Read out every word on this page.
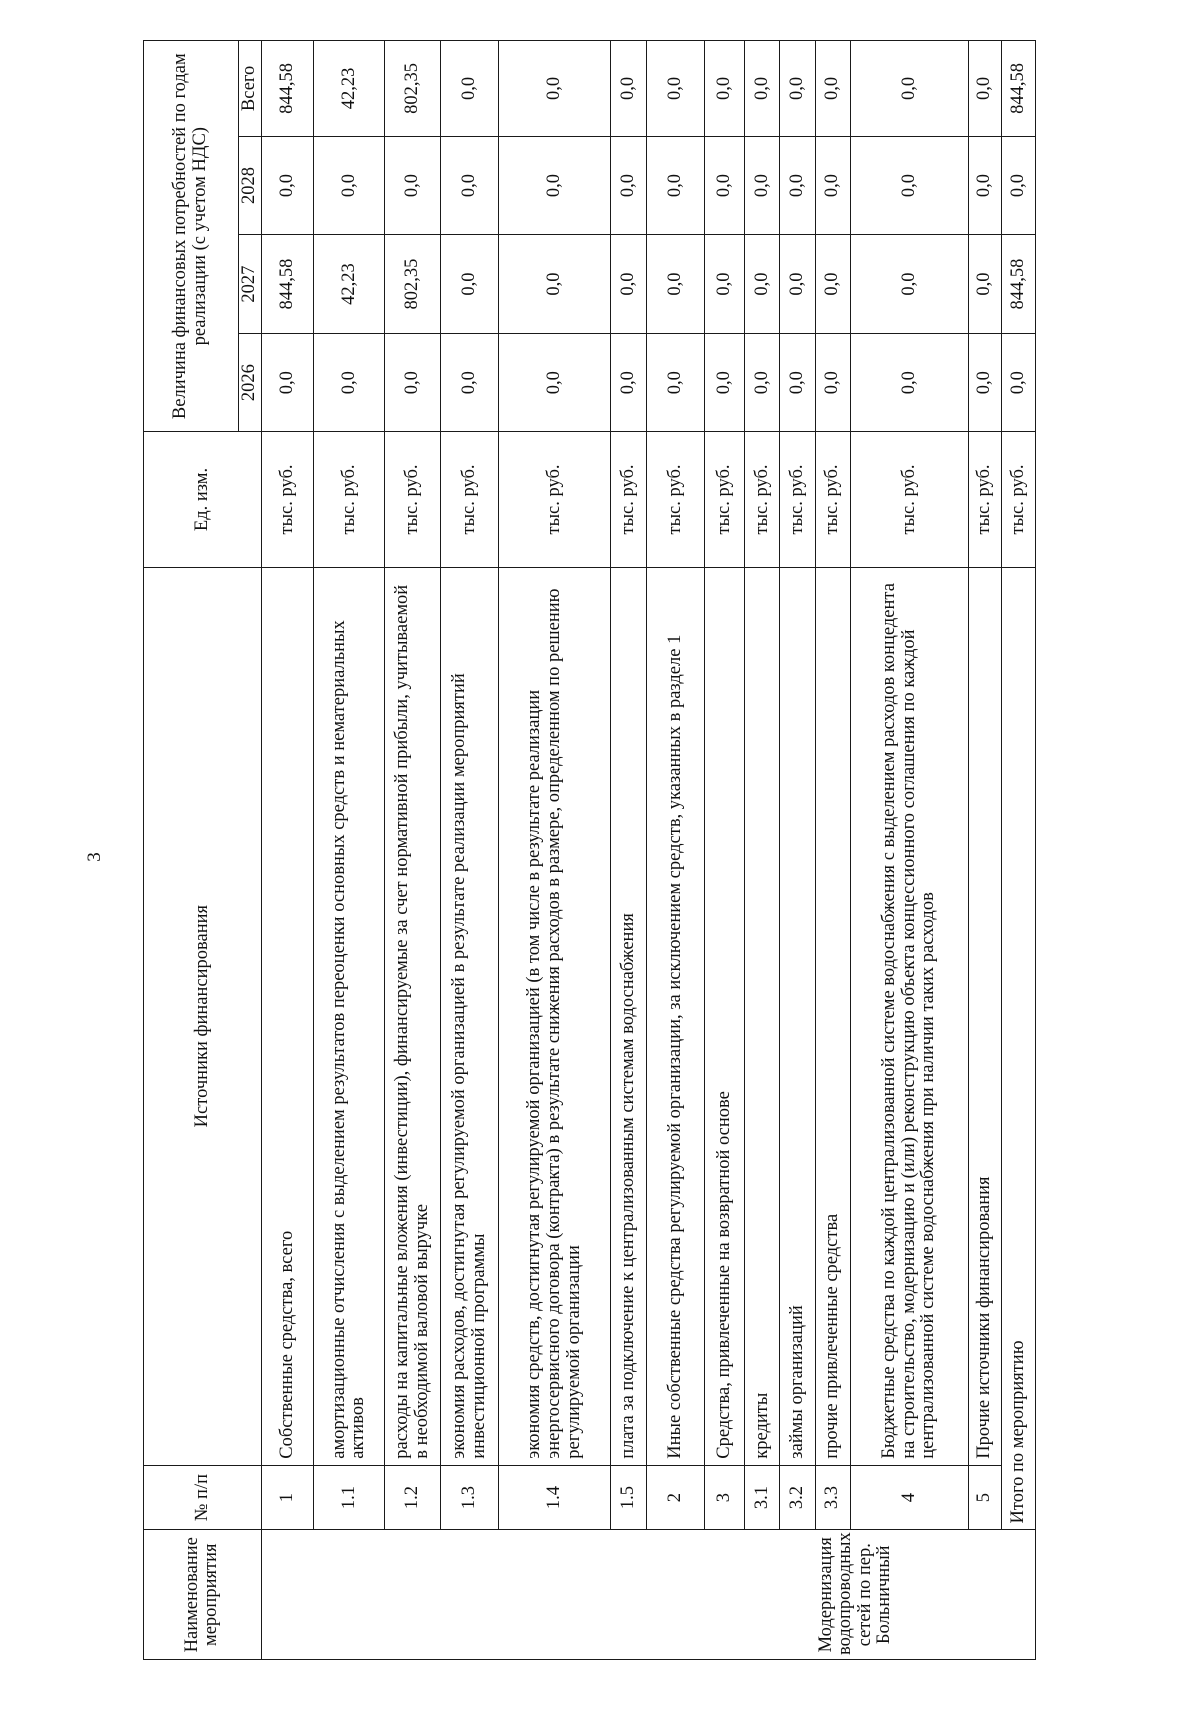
3
Наименование мероприятия	№ п/п	Источники финансирования	Ед. изм.	Величина финансовых потребностей по годам реализации (с учетом НДС)			
				2026	2027	2028	Всего
Модернизация водопроводных сетей по пер. Больничный	1	Собственные средства, всего	тыс. руб.	0,0	844,58	0,0	844,58
	1.1	амортизационные отчисления с выделением результатов переоценки основных средств и нематериальных активов	тыс. руб.	0,0	42,23	0,0	42,23
	1.2	расходы на капитальные вложения (инвестиции), финансируемые за счет нормативной прибыли, учитываемой в необходимой валовой выручке	тыс. руб.	0,0	802,35	0,0	802,35
	1.3	экономия расходов, достигнутая регулируемой организацией в результате реализации мероприятий инвестиционной программы	тыс. руб.	0,0	0,0	0,0	0,0
	1.4	экономия средств, достигнутая регулируемой организацией (в том числе в результате реализации энергосервисного договора (контракта) в результате снижения расходов в размере, определенном по решению регулируемой организации	тыс. руб.	0,0	0,0	0,0	0,0
	1.5	плата за подключение к централизованным системам водоснабжения	тыс. руб.	0,0	0,0	0,0	0,0
	2	Иные собственные средства регулируемой организации, за исключением средств, указанных в разделе 1	тыс. руб.	0,0	0,0	0,0	0,0
	3	Средства, привлеченные на возвратной основе	тыс. руб.	0,0	0,0	0,0	0,0
	3.1	кредиты	тыс. руб.	0,0	0,0	0,0	0,0
	3.2	займы организаций	тыс. руб.	0,0	0,0	0,0	0,0
	3.3	прочие привлеченные средства	тыс. руб.	0,0	0,0	0,0	0,0
	4	Бюджетные средства по каждой централизованной системе водоснабжения с выделением расходов концедента на строительство, модернизацию и (или) реконструкцию объекта концессионного соглашения по каждой централизованной системе водоснабжения при наличии таких расходов	тыс. руб.	0,0	0,0	0,0	0,0
	5	Прочие источники финансирования	тыс. руб.	0,0	0,0	0,0	0,0
	Итого по мероприятию		тыс. руб.	0,0	844,58	0,0	844,58
